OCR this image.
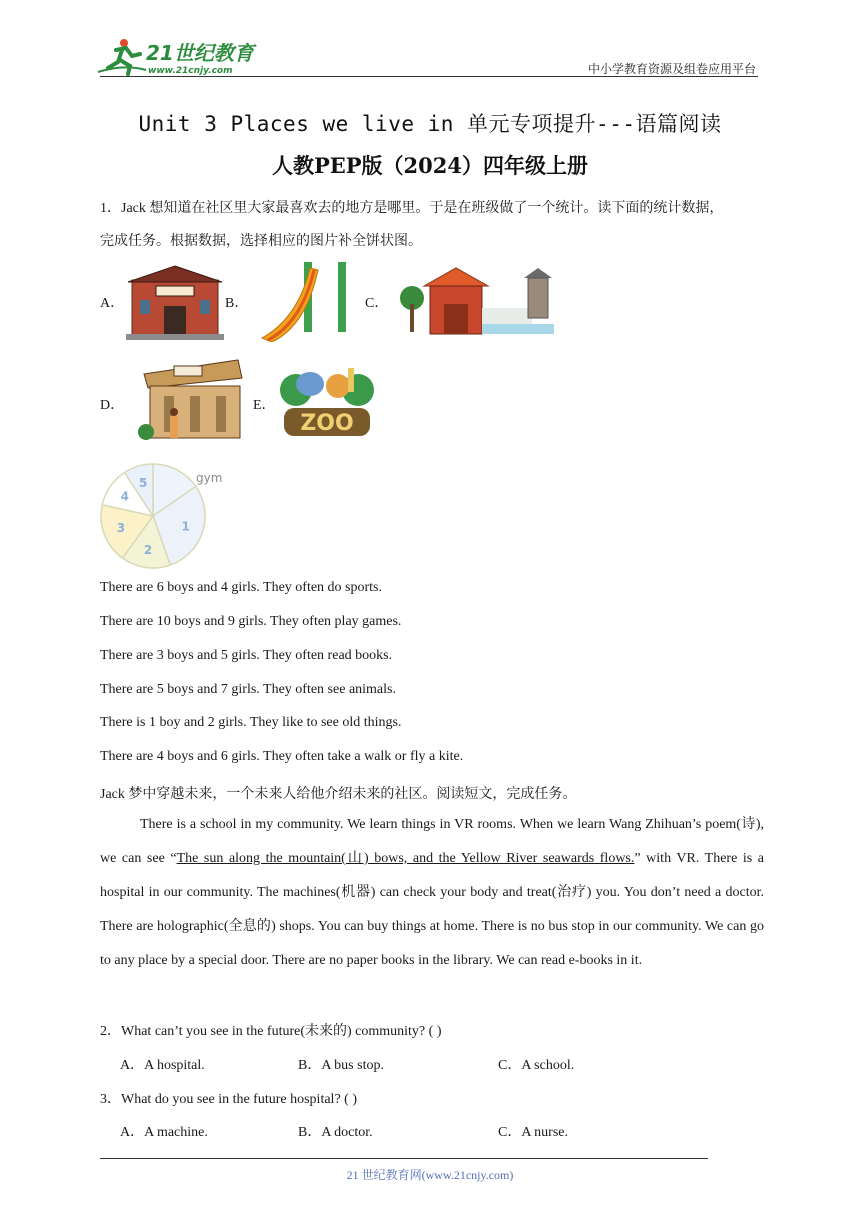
21世纪教育
www.21cnjy.com	中小学教育资源及组卷应用平台
Unit 3 Places we live in 单元专项提升---语篇阅读
人教PEP版（2024）四年级上册
1．Jack 想知道在社区里大家最喜欢去的地方是哪里。于是在班级做了一个统计。读下面的统计数据，
完成任务。根据数据，选择相应的图片补全饼状图。
A．	B．	C．
D．	E．
ZOO
gym
1
2
3
4
5
There are 6 boys and 4 girls. They often do sports.
There are 10 boys and 9 girls. They often play games.
There are 3 boys and 5 girls. They often read books.
There are 5 boys and 7 girls. They often see animals.
There is 1 boy and 2 girls. They like to see old things.
There are 4 boys and 6 girls. They often take a walk or fly a kite.
Jack 梦中穿越未来，一个未来人给他介绍未来的社区。阅读短文，完成任务。
There is a school in my community. We learn things in VR rooms. When we learn Wang Zhihuan’s poem(诗), we can see “The sun along the mountain(山) bows, and the Yellow River seawards flows.” with VR. There is a hospital in our community. The machines(机器) can check your body and treat(治疗) you. You don’t need a doctor. There are holographic(全息的) shops. You can buy things at home. There is no bus stop in our community. We can go to any place by a special door. There are no paper books in the library. We can read e-books in it.
2．What can’t you see in the future(未来的) community? ( )
A．A hospital.	B．A bus stop.	C．A school.
3．What do you see in the future hospital? ( )
A．A machine.	B．A doctor.	C．A nurse.
21 世纪教育网(www.21cnjy.com)
